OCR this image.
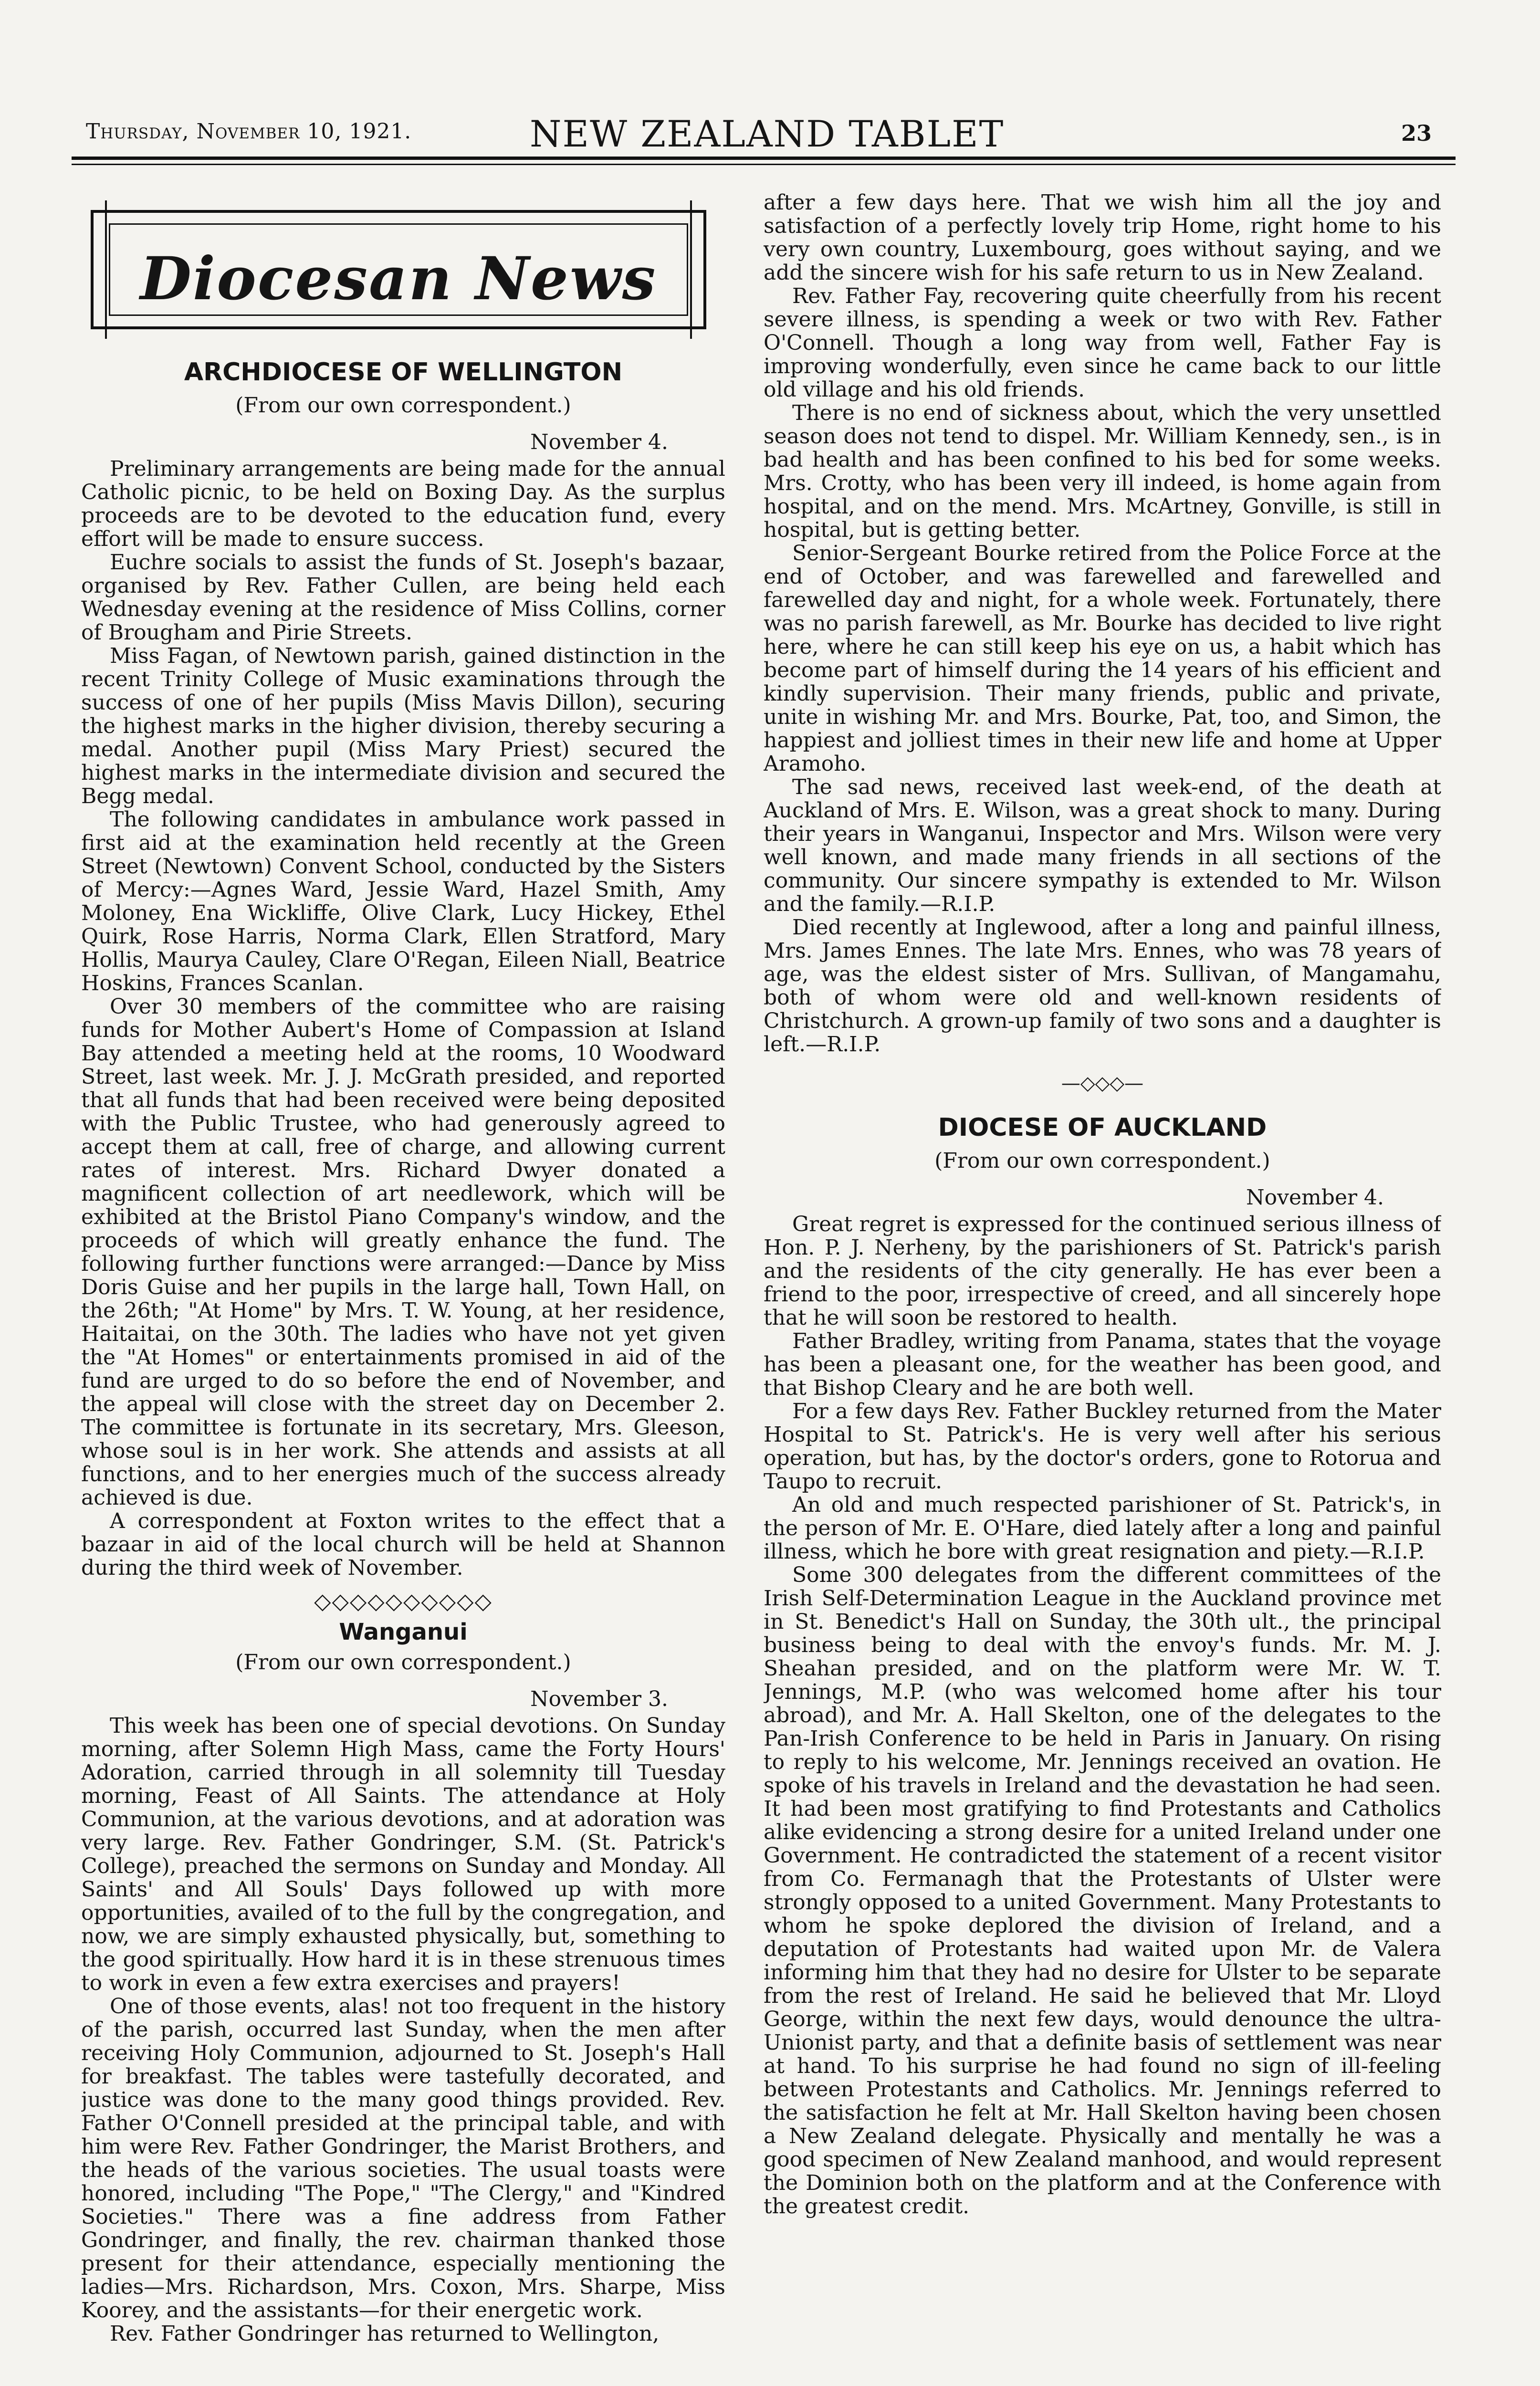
Thursday, November 10, 1921.	NEW ZEALAND TABLET	23
Diocesan News
ARCHDIOCESE OF WELLINGTON
(From our own correspondent.)
November 4.

Preliminary arrangements are being made for the annual Catholic picnic, to be held on Boxing Day. As the surplus proceeds are to be devoted to the education fund, every effort will be made to ensure success.

Euchre socials to assist the funds of St. Joseph's bazaar, organised by Rev. Father Cullen, are being held each Wednesday evening at the residence of Miss Collins, corner of Brougham and Pirie Streets.

Miss Fagan, of Newtown parish, gained distinction in the recent Trinity College of Music examinations through the success of one of her pupils (Miss Mavis Dillon), securing the highest marks in the higher division, thereby securing a medal. Another pupil (Miss Mary Priest) secured the highest marks in the intermediate division and secured the Begg medal.

The following candidates in ambulance work passed in first aid at the examination held recently at the Green Street (Newtown) Convent School, conducted by the Sisters of Mercy:—Agnes Ward, Jessie Ward, Hazel Smith, Amy Moloney, Ena Wickliffe, Olive Clark, Lucy Hickey, Ethel Quirk, Rose Harris, Norma Clark, Ellen Stratford, Mary Hollis, Maurya Cauley, Clare O'Regan, Eileen Niall, Beatrice Hoskins, Frances Scanlan.

Over 30 members of the committee who are raising funds for Mother Aubert's Home of Compassion at Island Bay attended a meeting held at the rooms, 10 Woodward Street, last week. Mr. J. J. McGrath presided, and reported that all funds that had been received were being deposited with the Public Trustee, who had generously agreed to accept them at call, free of charge, and allowing current rates of interest. Mrs. Richard Dwyer donated a magnificent collection of art needlework, which will be exhibited at the Bristol Piano Company's window, and the proceeds of which will greatly enhance the fund. The following further functions were arranged:—Dance by Miss Doris Guise and her pupils in the large hall, Town Hall, on the 26th; "At Home" by Mrs. T. W. Young, at her residence, Haitaitai, on the 30th. The ladies who have not yet given the "At Homes" or entertainments promised in aid of the fund are urged to do so before the end of November, and the appeal will close with the street day on December 2. The committee is fortunate in its secretary, Mrs. Gleeson, whose soul is in her work. She attends and assists at all functions, and to her energies much of the success already achieved is due.

A correspondent at Foxton writes to the effect that a bazaar in aid of the local church will be held at Shannon during the third week of November.

◇◇◇◇◇◇◇◇◇◇
Wanganui
(From our own correspondent.)
November 3.

This week has been one of special devotions. On Sunday morning, after Solemn High Mass, came the Forty Hours' Adoration, carried through in all solemnity till Tuesday morning, Feast of All Saints. The attendance at Holy Communion, at the various devotions, and at adoration was very large. Rev. Father Gondringer, S.M. (St. Patrick's College), preached the sermons on Sunday and Monday. All Saints' and All Souls' Days followed up with more opportunities, availed of to the full by the congregation, and now, we are simply exhausted physically, but, something to the good spiritually. How hard it is in these strenuous times to work in even a few extra exercises and prayers!

One of those events, alas! not too frequent in the history of the parish, occurred last Sunday, when the men after receiving Holy Communion, adjourned to St. Joseph's Hall for breakfast. The tables were tastefully decorated, and justice was done to the many good things provided. Rev. Father O'Connell presided at the principal table, and with him were Rev. Father Gondringer, the Marist Brothers, and the heads of the various societies. The usual toasts were honored, including "The Pope," "The Clergy," and "Kindred Societies." There was a fine address from Father Gondringer, and finally, the rev. chairman thanked those present for their attendance, especially mentioning the ladies—Mrs. Richardson, Mrs. Coxon, Mrs. Sharpe, Miss Koorey, and the assistants—for their energetic work.

Rev. Father Gondringer has returned to Wellington,

after a few days here. That we wish him all the joy and satisfaction of a perfectly lovely trip Home, right home to his very own country, Luxembourg, goes without saying, and we add the sincere wish for his safe return to us in New Zealand.

Rev. Father Fay, recovering quite cheerfully from his recent severe illness, is spending a week or two with Rev. Father O'Connell. Though a long way from well, Father Fay is improving wonderfully, even since he came back to our little old village and his old friends.

There is no end of sickness about, which the very unsettled season does not tend to dispel. Mr. William Kennedy, sen., is in bad health and has been confined to his bed for some weeks. Mrs. Crotty, who has been very ill indeed, is home again from hospital, and on the mend. Mrs. McArtney, Gonville, is still in hospital, but is getting better.

Senior-Sergeant Bourke retired from the Police Force at the end of October, and was farewelled and farewelled and farewelled day and night, for a whole week. Fortunately, there was no parish farewell, as Mr. Bourke has decided to live right here, where he can still keep his eye on us, a habit which has become part of himself during the 14 years of his efficient and kindly supervision. Their many friends, public and private, unite in wishing Mr. and Mrs. Bourke, Pat, too, and Simon, the happiest and jolliest times in their new life and home at Upper Aramoho.

The sad news, received last week-end, of the death at Auckland of Mrs. E. Wilson, was a great shock to many. During their years in Wanganui, Inspector and Mrs. Wilson were very well known, and made many friends in all sections of the community. Our sincere sympathy is extended to Mr. Wilson and the family.—R.I.P.

Died recently at Inglewood, after a long and painful illness, Mrs. James Ennes. The late Mrs. Ennes, who was 78 years of age, was the eldest sister of Mrs. Sullivan, of Mangamahu, both of whom were old and well-known residents of Christchurch. A grown-up family of two sons and a daughter is left.—R.I.P.

—◇◇◇—
DIOCESE OF AUCKLAND
(From our own correspondent.)
November 4.

Great regret is expressed for the continued serious illness of Hon. P. J. Nerheny, by the parishioners of St. Patrick's parish and the residents of the city generally. He has ever been a friend to the poor, irrespective of creed, and all sincerely hope that he will soon be restored to health.

Father Bradley, writing from Panama, states that the voyage has been a pleasant one, for the weather has been good, and that Bishop Cleary and he are both well.

For a few days Rev. Father Buckley returned from the Mater Hospital to St. Patrick's. He is very well after his serious operation, but has, by the doctor's orders, gone to Rotorua and Taupo to recruit.

An old and much respected parishioner of St. Patrick's, in the person of Mr. E. O'Hare, died lately after a long and painful illness, which he bore with great resignation and piety.—R.I.P.

Some 300 delegates from the different committees of the Irish Self-Determination League in the Auckland province met in St. Benedict's Hall on Sunday, the 30th ult., the principal business being to deal with the envoy's funds. Mr. M. J. Sheahan presided, and on the platform were Mr. W. T. Jennings, M.P. (who was welcomed home after his tour abroad), and Mr. A. Hall Skelton, one of the delegates to the Pan-Irish Conference to be held in Paris in January. On rising to reply to his welcome, Mr. Jennings received an ovation. He spoke of his travels in Ireland and the devastation he had seen. It had been most gratifying to find Protestants and Catholics alike evidencing a strong desire for a united Ireland under one Government. He contradicted the statement of a recent visitor from Co. Fermanagh that the Protestants of Ulster were strongly opposed to a united Government. Many Protestants to whom he spoke deplored the division of Ireland, and a deputation of Protestants had waited upon Mr. de Valera informing him that they had no desire for Ulster to be separate from the rest of Ireland. He said he believed that Mr. Lloyd George, within the next few days, would denounce the ultra-Unionist party, and that a definite basis of settlement was near at hand. To his surprise he had found no sign of ill-feeling between Protestants and Catholics. Mr. Jennings referred to the satisfaction he felt at Mr. Hall Skelton having been chosen a New Zealand delegate. Physically and mentally he was a good specimen of New Zealand manhood, and would represent the Dominion both on the platform and at the Conference with the greatest credit.
